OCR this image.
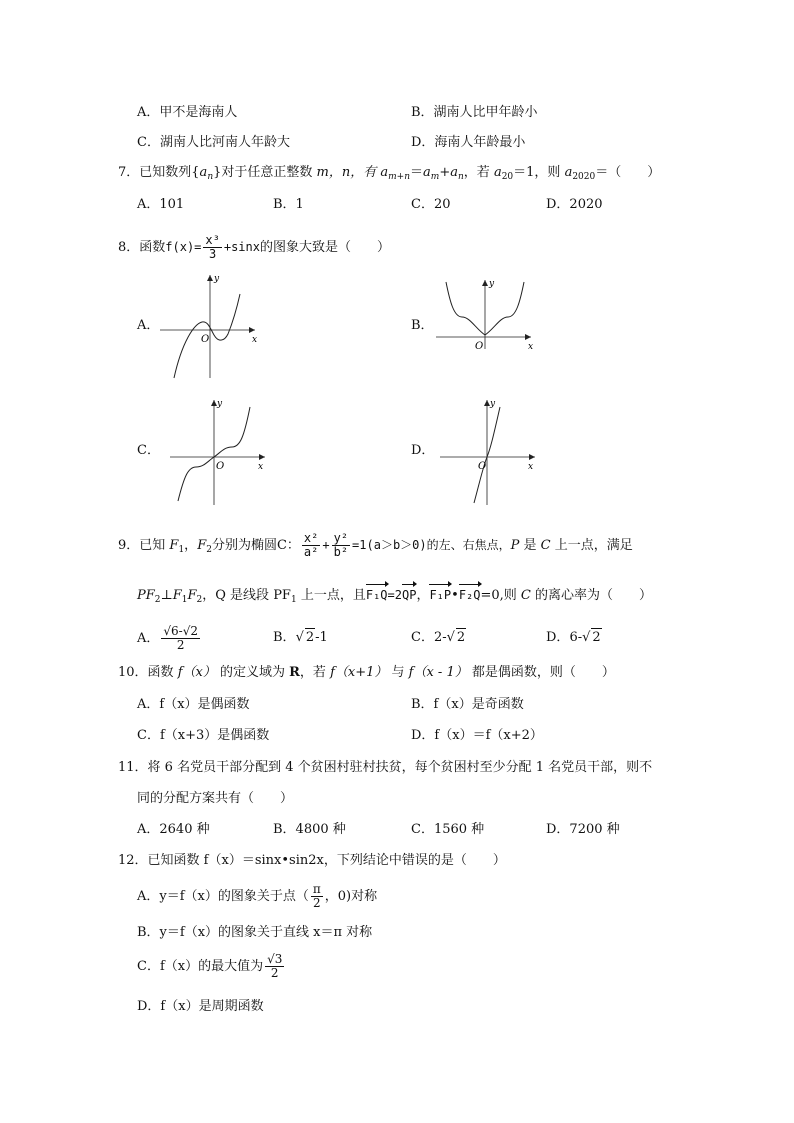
A．甲不是海南人	B．湖南人比甲年龄小
C．湖南人比河南人年龄大	D．海南人年龄最小
7．已知数列$\{a_n\}$对于任意正整数 m，n，有 $a_{m+n}=a_m+a_n$，若 $a_{20}=1$，则 $a_{2020}=$（　　）
A．101	B．1	C．20	D．2020
8．函数$f(x)= \frac{\text{x³}}{3} +\sin x$的图象大致是（　　）
A．	B．
C．	D．
x
y
O
x
y
O
x
y
O	x
y
O
9．已知 $F_1$，$F_2$分别为椭圆C： $\frac{\text{x²}}{\text{a²}} + \frac{\text{y²}}{\text{b²}} =1(a>b>0)$的左、右焦点，P 是 C 上一点，满足
$PF_2\perp F_1F_2$，Q 是线段 $PF_1$ 上一点，且F₁Q=2QP，F₁P•F₂Q=0,则 C 的离心率为（　　）
A． $\frac{√6-√2}{2}$	B．√ 2-1	C．2-√ 2	D．6-√ 2
10．函数 f（x） 的定义域为 R，若 f（x+1） 与 f（x - 1） 都是偶函数，则（　　）
A．f（x）是偶函数	B．f（x）是奇函数
C．f（x+3）是偶函数	D．f（x）＝f（x+2）
11．将 6 名党员干部分配到 4 个贫困村驻村扶贫，每个贫困村至少分配 1 名党员干部，则不
同的分配方案共有（　　）
A．2640 种	B．4800 种	C．1560 种	D．7200 种
12．已知函数 f（x）＝sinx•sin2x，下列结论中错误的是（　　）
A．y＝f（x）的图象关于点（ $\frac{\pi}{2}$ ，0)对称
B．y＝f（x）的图象关于直线 x＝π 对称
C．f（x）的最大值为 $\frac{√3}{2}$
D．f（x）是周期函数
